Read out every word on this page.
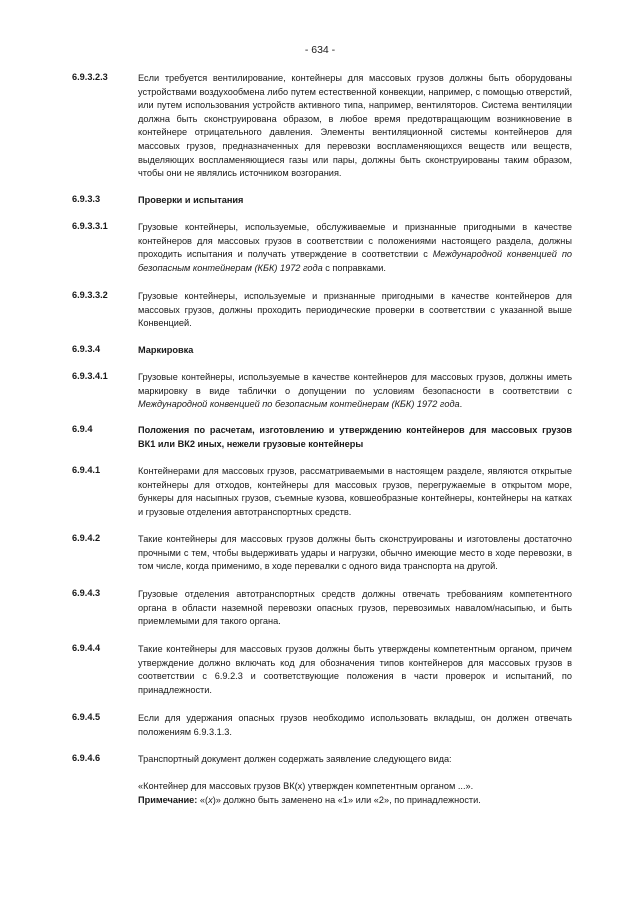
- 634 -
6.9.3.2.3	Если требуется вентилирование, контейнеры для массовых грузов должны быть оборудованы устройствами воздухообмена либо путем естественной конвекции, например, с помощью отверстий, или путем использования устройств активного типа, например, вентиляторов. Система вентиляции должна быть сконструирована образом, в любое время предотвращающим возникновение в контейнере отрицательного давления. Элементы вентиляционной системы контейнеров для массовых грузов, предназначенных для перевозки воспламеняющихся веществ или веществ, выделяющих воспламеняющиеся газы или пары, должны быть сконструированы таким образом, чтобы они не являлись источником возгорания.
6.9.3.3	Проверки и испытания
6.9.3.3.1	Грузовые контейнеры, используемые, обслуживаемые и признанные пригодными в качестве контейнеров для массовых грузов в соответствии с положениями настоящего раздела, должны проходить испытания и получать утверждение в соответствии с Международной конвенцией по безопасным контейнерам (КБК) 1972 года с поправками.
6.9.3.3.2	Грузовые контейнеры, используемые и признанные пригодными в качестве контейнеров для массовых грузов, должны проходить периодические проверки в соответствии с указанной выше Конвенцией.
6.9.3.4	Маркировка
6.9.3.4.1	Грузовые контейнеры, используемые в качестве контейнеров для массовых грузов, должны иметь маркировку в виде таблички о допущении по условиям безопасности в соответствии с Международной конвенцией по безопасным контейнерам (КБК) 1972 года.
6.9.4	Положения по расчетам, изготовлению и утверждению контейнеров для массовых грузов ВК1 или ВК2 иных, нежели грузовые контейнеры
6.9.4.1	Контейнерами для массовых грузов, рассматриваемыми в настоящем разделе, являются открытые контейнеры для отходов, контейнеры для массовых грузов, перегружаемые в открытом море, бункеры для насыпных грузов, съемные кузова, ковшеобразные контейнеры, контейнеры на катках и грузовые отделения автотранспортных средств.
6.9.4.2	Такие контейнеры для массовых грузов должны быть сконструированы и изготовлены достаточно прочными с тем, чтобы выдерживать удары и нагрузки, обычно имеющие место в ходе перевозки, в том числе, когда применимо, в ходе перевалки с одного вида транспорта на другой.
6.9.4.3	Грузовые отделения автотранспортных средств должны отвечать требованиям компетентного органа в области наземной перевозки опасных грузов, перевозимых навалом/насыпью, и быть приемлемыми для такого органа.
6.9.4.4	Такие контейнеры для массовых грузов должны быть утверждены компетентным органом, причем утверждение должно включать код для обозначения типов контейнеров для массовых грузов в соответствии с 6.9.2.3 и соответствующие положения в части проверок и испытаний, по принадлежности.
6.9.4.5	Если для удержания опасных грузов необходимо использовать вкладыш, он должен отвечать положениям 6.9.3.1.3.
6.9.4.6	Транспортный документ должен содержать заявление следующего вида:
«Контейнер для массовых грузов ВК(x) утвержден компетентным органом ...».
Примечание: «(x)» должно быть заменено на «1» или «2», по принадлежности.
